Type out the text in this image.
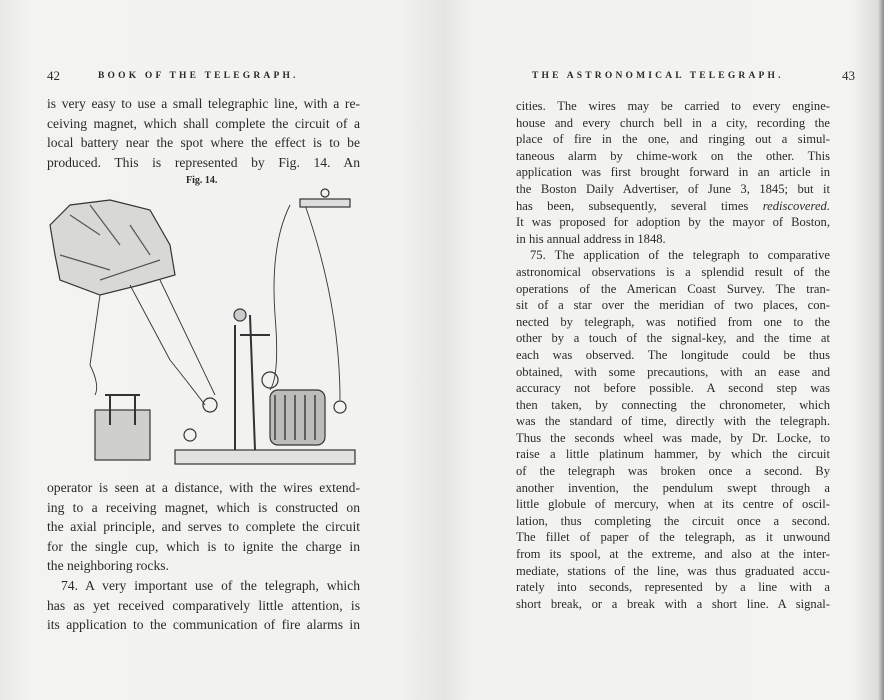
42	BOOK OF THE TELEGRAPH.
is very easy to use a small telegraphic line, with a re-
ceiving magnet, which shall complete the circuit of a
local battery near the spot where the effect is to be
produced. This is represented by Fig. 14. An
Fig. 14.
operator is seen at a distance, with the wires extend-
ing to a receiving magnet, which is constructed on
the axial principle, and serves to complete the circuit
for the single cup, which is to ignite the charge in
the neighboring rocks.
74. A very important use of the telegraph, which
has as yet received comparatively little attention, is
its application to the communication of fire alarms in
THE ASTRONOMICAL TELEGRAPH.	43
cities. The wires may be carried to every engine-
house and every church bell in a city, recording the
place of fire in the one, and ringing out a simul-
taneous alarm by chime-work on the other. This
application was first brought forward in an article in
the Boston Daily Advertiser, of June 3, 1845; but it
has been, subsequently, several times rediscovered.
It was proposed for adoption by the mayor of Boston,
in his annual address in 1848.
75. The application of the telegraph to comparative
astronomical observations is a splendid result of the
operations of the American Coast Survey. The tran-
sit of a star over the meridian of two places, con-
nected by telegraph, was notified from one to the
other by a touch of the signal-key, and the time at
each was observed. The longitude could be thus
obtained, with some precautions, with an ease and
accuracy not before possible. A second step was
then taken, by connecting the chronometer, which
was the standard of time, directly with the telegraph.
Thus the seconds wheel was made, by Dr. Locke, to
raise a little platinum hammer, by which the circuit
of the telegraph was broken once a second. By
another invention, the pendulum swept through a
little globule of mercury, when at its centre of oscil-
lation, thus completing the circuit once a second.
The fillet of paper of the telegraph, as it unwound
from its spool, at the extreme, and also at the inter-
mediate, stations of the line, was thus graduated accu-
rately into seconds, represented by a line with a
short break, or a break with a short line. A signal-
